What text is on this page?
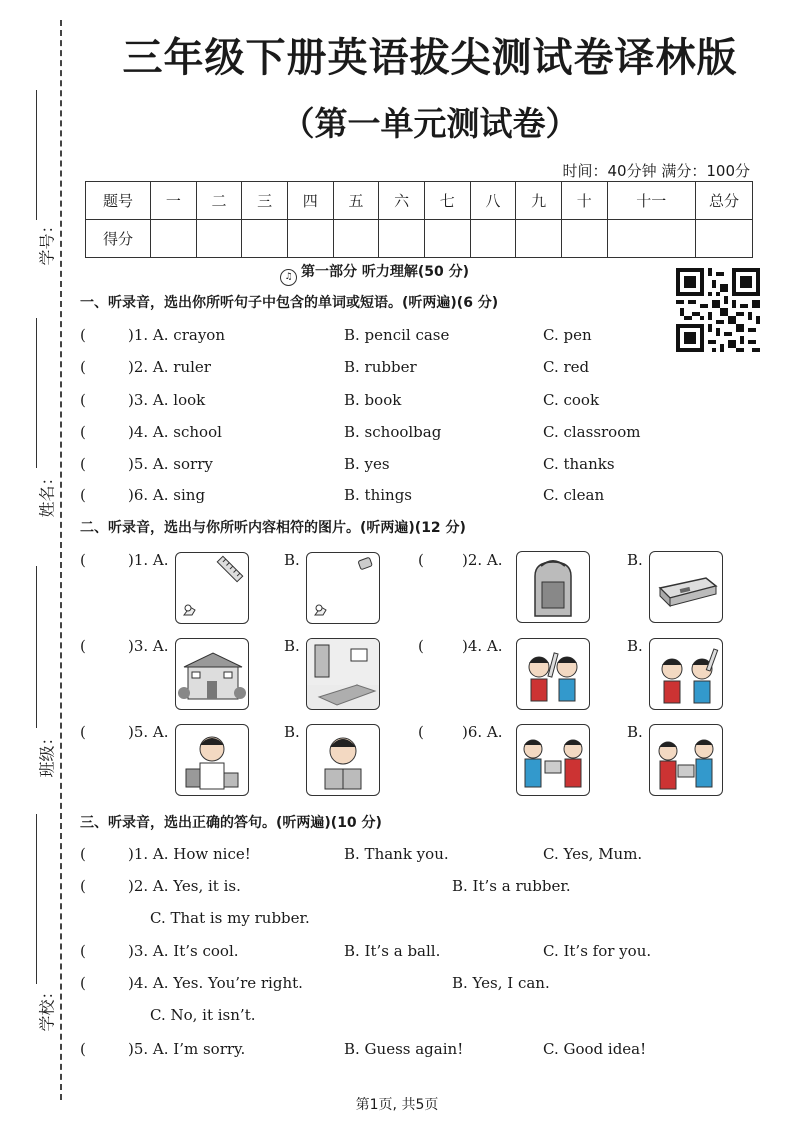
学号：
姓名：
班级：
学校：
三年级下册英语拔尖测试卷译林版
（第一单元测试卷）
时间：40分钟 满分：100分
题号	一	二	三	四	五	六	七	八	九	十	十一	总分
得分												
♫ 第一部分 听力理解(50 分)
一、听录音，选出你所听句子中包含的单词或短语。(听两遍)(6 分)
(	)1. A. crayon	B. pencil case	C. pen
(	)2. A. ruler	B. rubber	C. red
(	)3. A. look	B. book	C. cook
(	)4. A. school	B. schoolbag	C. classroom
(	)5. A. sorry	B. yes	C. thanks
(	)6. A. sing	B. things	C. clean
二、听录音，选出与你所听内容相符的图片。(听两遍)(12 分)
(	)1. A.	B.	(	)2. A.	B.
(	)3. A.	B.	(	)4. A.	B.
(	)5. A.	B.	(	)6. A.	B.
三、听录音，选出正确的答句。(听两遍)(10 分)
(	)1. A. How nice!	B. Thank you.	C. Yes, Mum.
(	)2. A. Yes, it is.	B. It’s a rubber.
C. That is my rubber.
(	)3. A. It’s cool.	B. It’s a ball.	C. It’s for you.
(	)4. A. Yes. You’re right.	B. Yes, I can.
C. No, it isn’t.
(	)5. A. I’m sorry.	B. Guess again!	C. Good idea!
第1页, 共5页
